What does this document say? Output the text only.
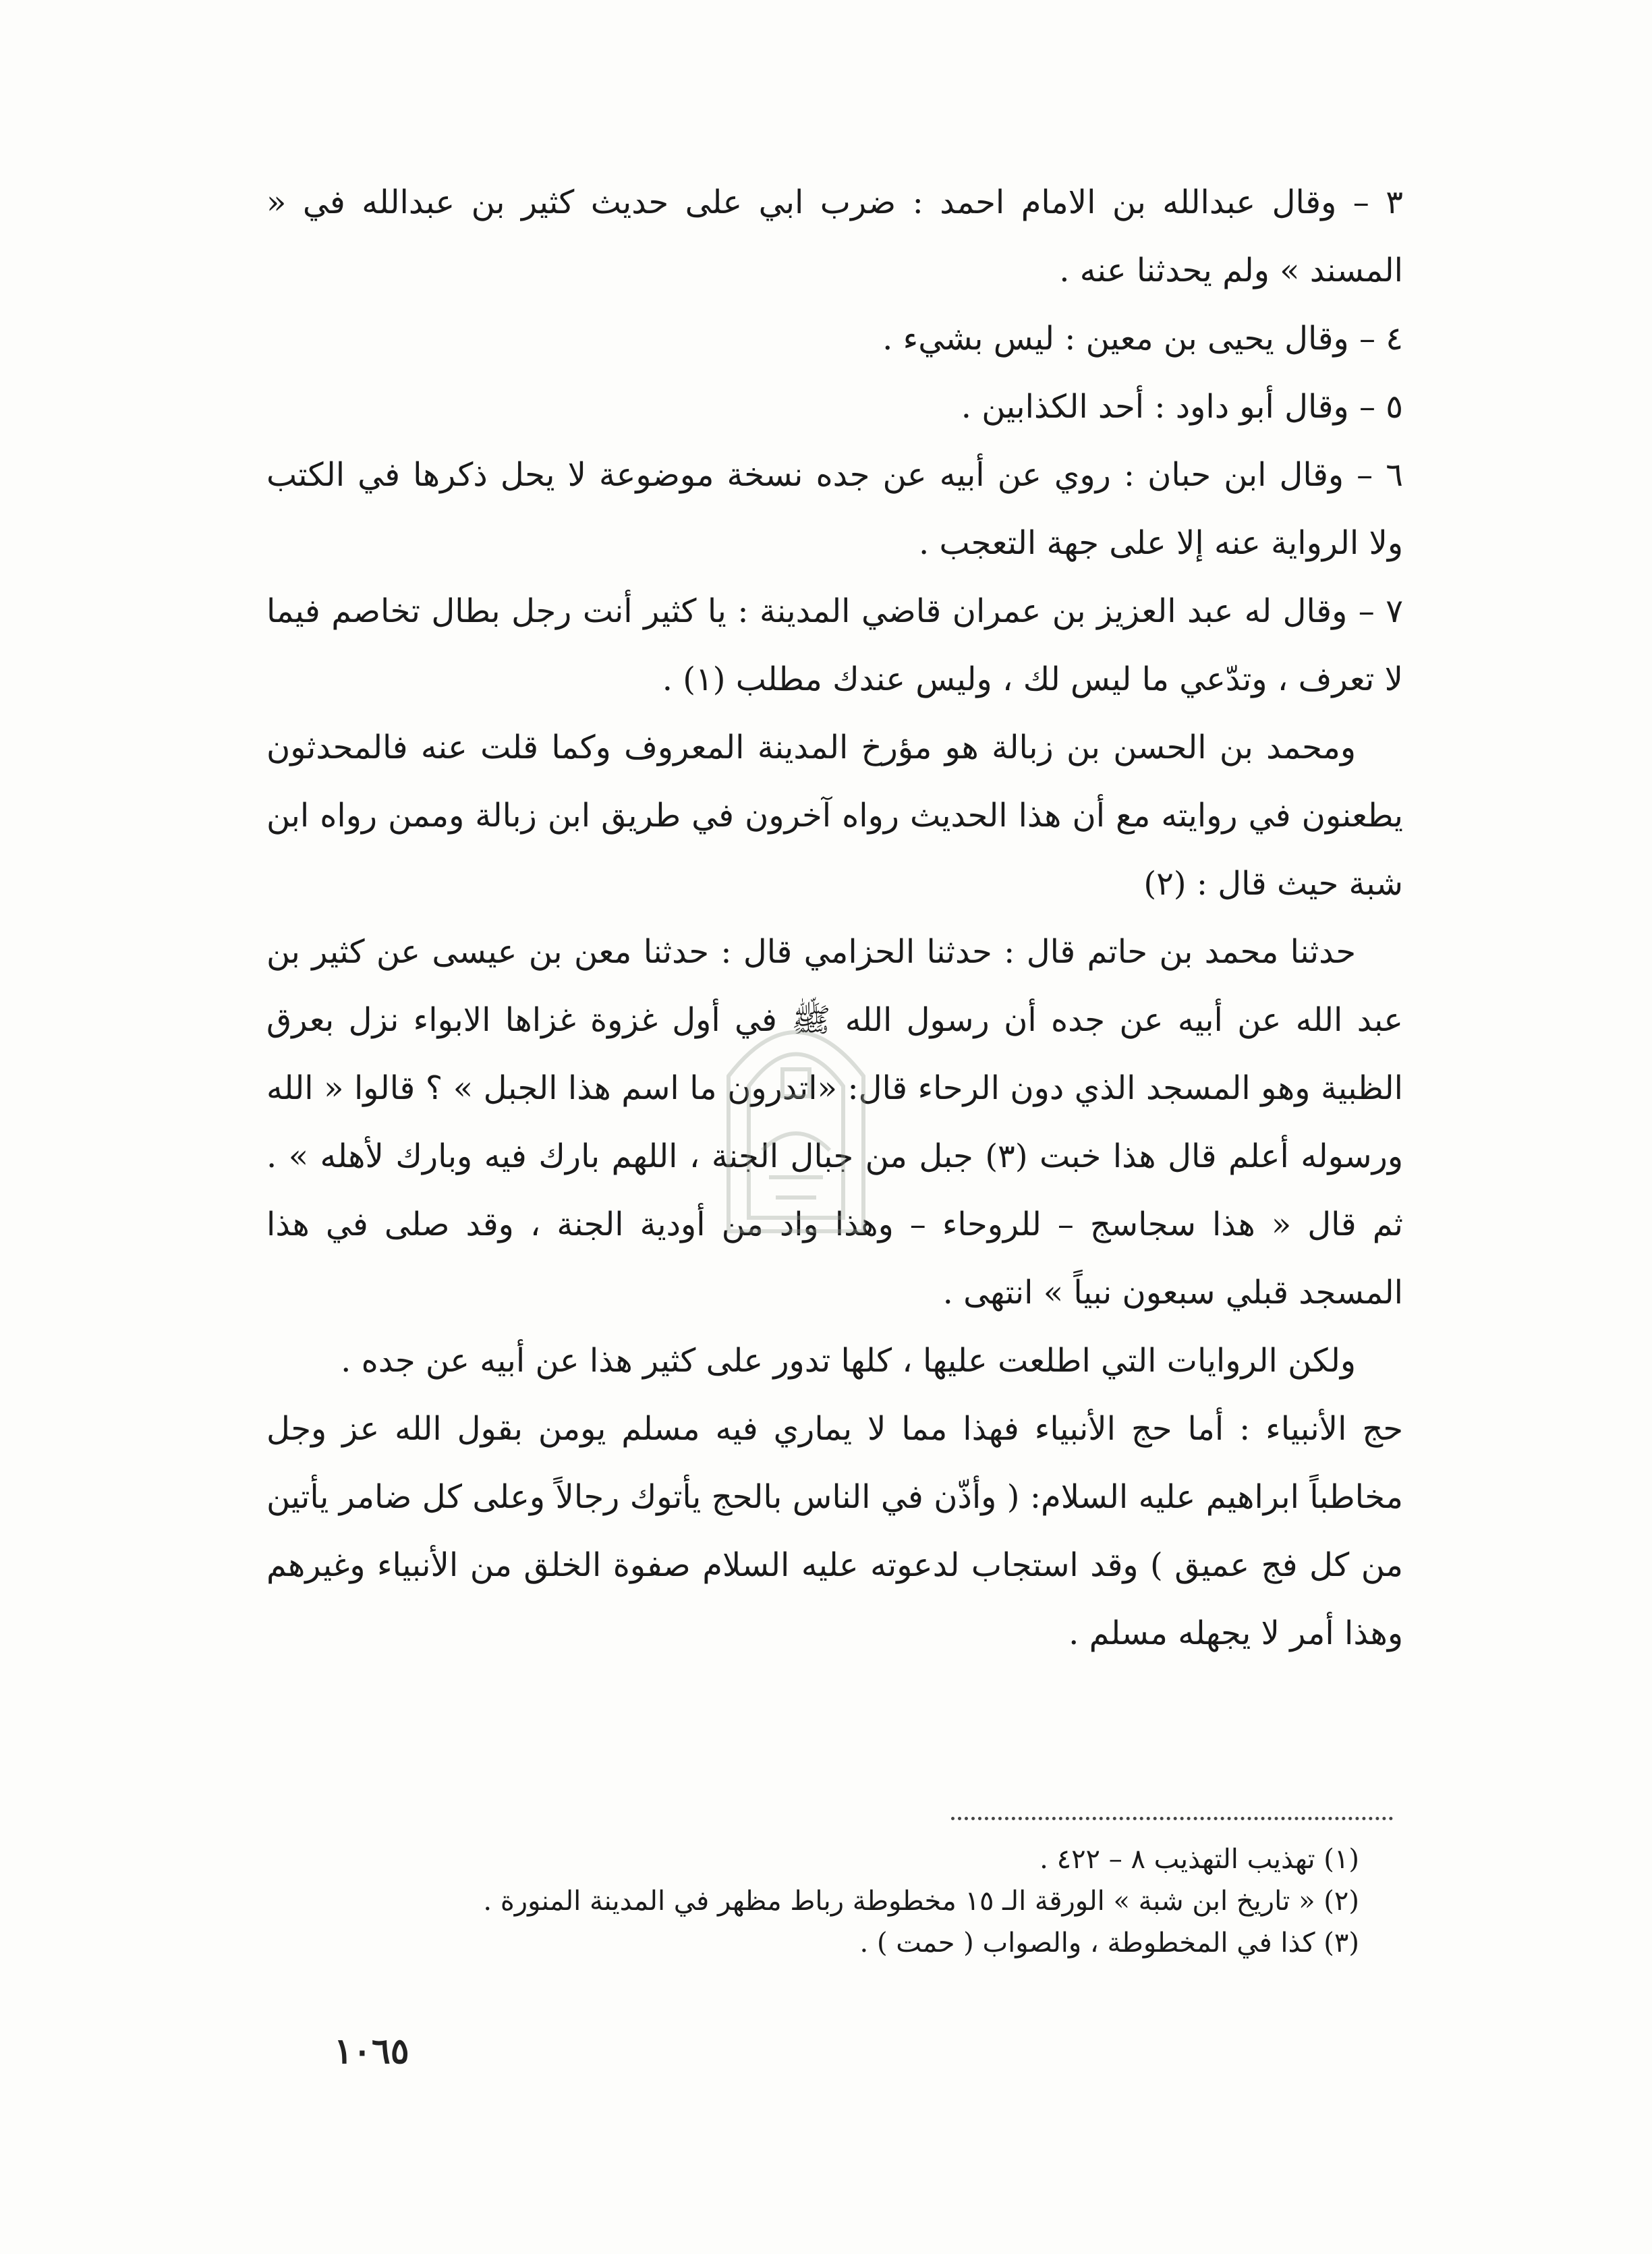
٣ – وقال عبدالله بن الامام احمد : ضرب ابي على حديث كثير بن عبدالله في « المسند » ولم يحدثنا عنه .

٤ – وقال يحيى بن معين : ليس بشيء .

٥ – وقال أبو داود : أحد الكذابين .

٦ – وقال ابن حبان : روي عن أبيه عن جده نسخة موضوعة لا يحل ذكرها في الكتب ولا الرواية عنه إلا على جهة التعجب .

٧ – وقال له عبد العزيز بن عمران قاضي المدينة : يا كثير أنت رجل بطال تخاصم فيما لا تعرف ، وتدّعي ما ليس لك ، وليس عندك مطلب (١) .

ومحمد بن الحسن بن زبالة هو مؤرخ المدينة المعروف وكما قلت عنه فالمحدثون يطعنون في روايته مع أن هذا الحديث رواه آخرون في طريق ابن زبالة وممن رواه ابن شبة حيث قال : (٢)

حدثنا محمد بن حاتم قال : حدثنا الحزامي قال : حدثنا معن بن عيسى عن كثير بن عبد الله عن أبيه عن جده أن رسول الله ﷺ في أول غزوة غزاها الابواء نزل بعرق الظبية وهو المسجد الذي دون الرحاء قال: «اتدرون ما اسم هذا الجبل » ؟ قالوا « الله ورسوله أعلم قال هذا خبت (٣) جبل من جبال الجنة ، اللهم بارك فيه وبارك لأهله » . ثم قال « هذا سجاسج – للروحاء – وهذا واد من أودية الجنة ، وقد صلى في هذا المسجد قبلي سبعون نبياً » انتهى .

ولكن الروايات التي اطلعت عليها ، كلها تدور على كثير هذا عن أبيه عن جده .

حج الأنبياء : أما حج الأنبياء فهذا مما لا يماري فيه مسلم يومن بقول الله عز وجل مخاطباً ابراهيم عليه السلام: ( وأذّن في الناس بالحج يأتوك رجالاً وعلى كل ضامر يأتين من كل فج عميق ) وقد استجاب لدعوته عليه السلام صفوة الخلق من الأنبياء وغيرهم وهذا أمر لا يجهله مسلم .

(١) تهذيب التهذيب ٨ – ٤٢٢ .

(٢) « تاريخ ابن شبة » الورقة الـ ١٥ مخطوطة رباط مظهر في المدينة المنورة .

(٣) كذا في المخطوطة ، والصواب ( حمت ) .

١٠٦٥
